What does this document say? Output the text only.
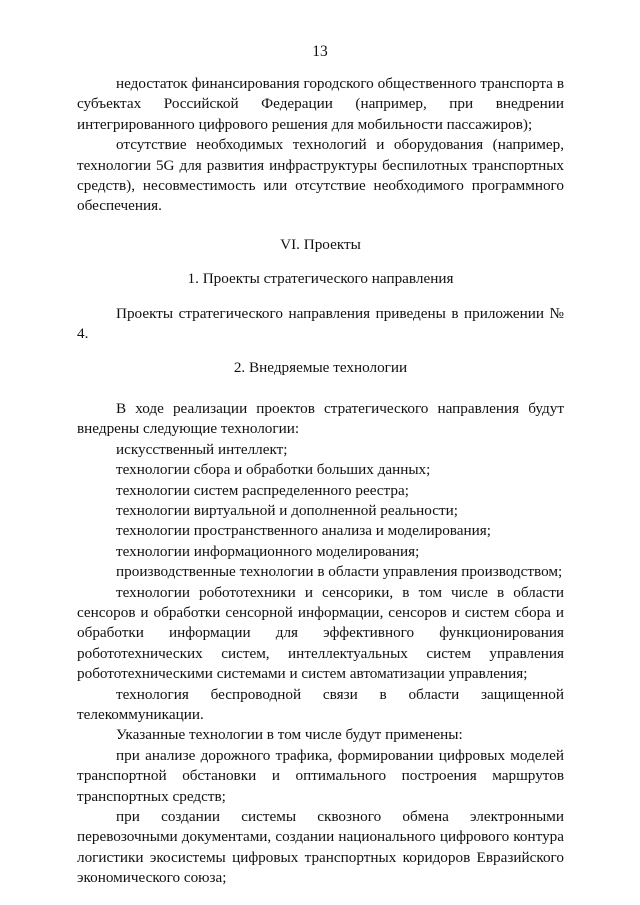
13

недостаток финансирования городского общественного транспорта в субъектах Российской Федерации (например, при внедрении интегрированного цифрового решения для мобильности пассажиров);

отсутствие необходимых технологий и оборудования (например, технологии 5G для развития инфраструктуры беспилотных транспортных средств), несовместимость или отсутствие необходимого программного обеспечения.

VI. Проекты

1. Проекты стратегического направления

Проекты стратегического направления приведены в приложении № 4.

2. Внедряемые технологии

В ходе реализации проектов стратегического направления будут внедрены следующие технологии:

искусственный интеллект;

технологии сбора и обработки больших данных;

технологии систем распределенного реестра;

технологии виртуальной и дополненной реальности;

технологии пространственного анализа и моделирования;

технологии информационного моделирования;

производственные технологии в области управления производством;

технологии робототехники и сенсорики, в том числе в области сенсоров и обработки сенсорной информации, сенсоров и систем сбора и обработки информации для эффективного функционирования робототехнических систем, интеллектуальных систем управления робототехническими системами и систем автоматизации управления;

технология беспроводной связи в области защищенной телекоммуникации.

Указанные технологии в том числе будут применены:

при анализе дорожного трафика, формировании цифровых моделей транспортной обстановки и оптимального построения маршрутов транспортных средств;

при создании системы сквозного обмена электронными перевозочными документами, создании национального цифрового контура логистики экосистемы цифровых транспортных коридоров Евразийского экономического союза;
